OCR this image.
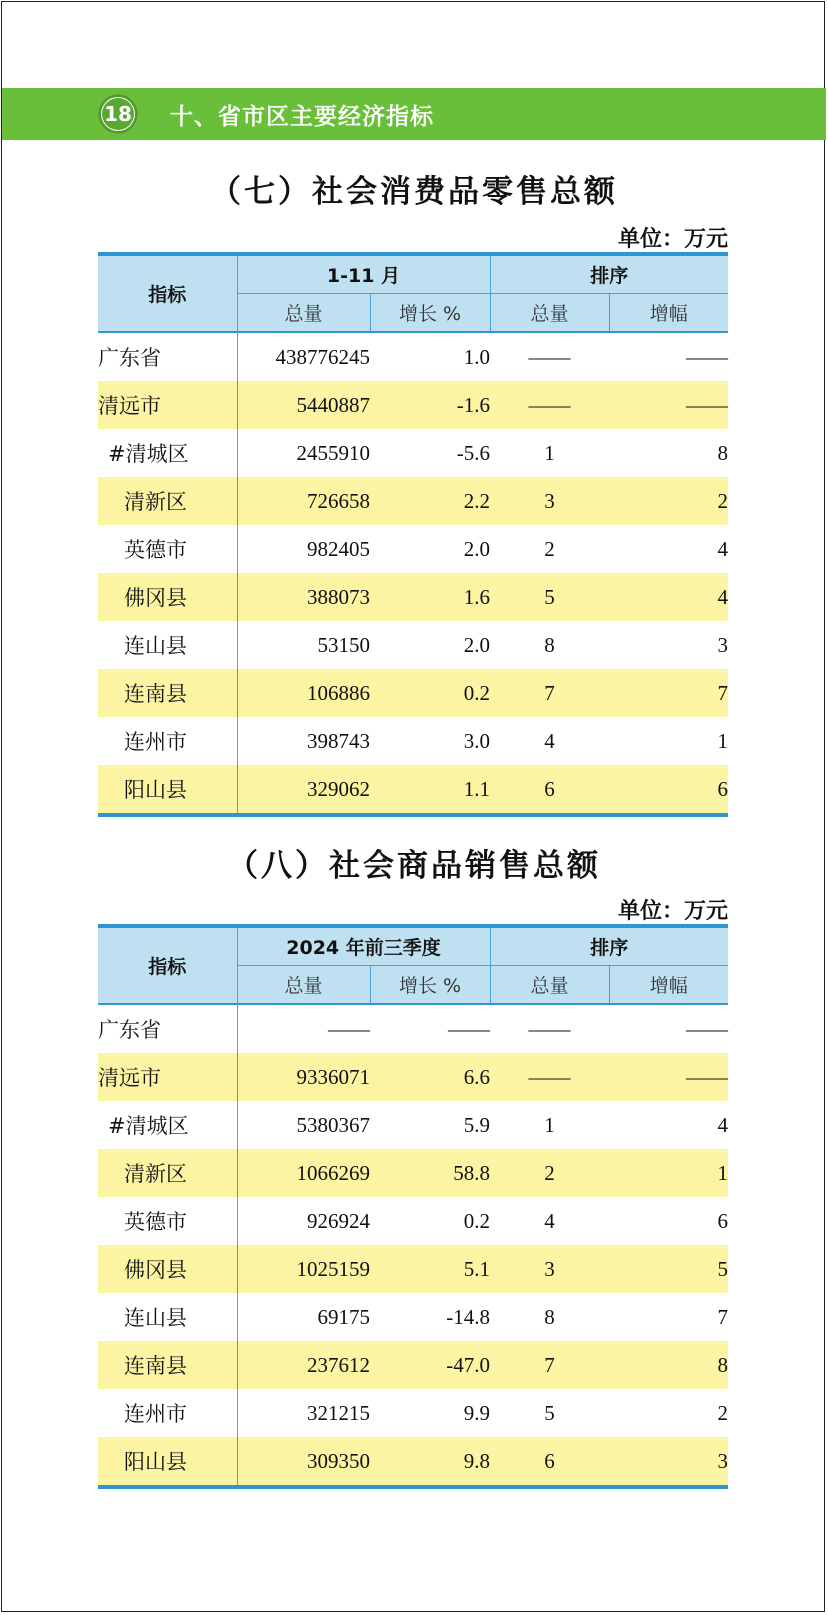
18 十、省市区主要经济指标
（七）社会消费品零售总额
单位：万元
指标	1-11 月		排序	
	总量	增长 %	总量	增幅
广东省	438776245	1.0	——	——
清远市	5440887	-1.6	——	——
#清城区	2455910	-5.6	1	8
清新区	726658	2.2	3	2
英德市	982405	2.0	2	4
佛冈县	388073	1.6	5	4
连山县	53150	2.0	8	3
连南县	106886	0.2	7	7
连州市	398743	3.0	4	1
阳山县	329062	1.1	6	6
（八）社会商品销售总额
单位：万元
指标	2024 年前三季度		排序	
	总量	增长 %	总量	增幅
广东省	——	——	——	——
清远市	9336071	6.6	——	——
#清城区	5380367	5.9	1	4
清新区	1066269	58.8	2	1
英德市	926924	0.2	4	6
佛冈县	1025159	5.1	3	5
连山县	69175	-14.8	8	7
连南县	237612	-47.0	7	8
连州市	321215	9.9	5	2
阳山县	309350	9.8	6	3
